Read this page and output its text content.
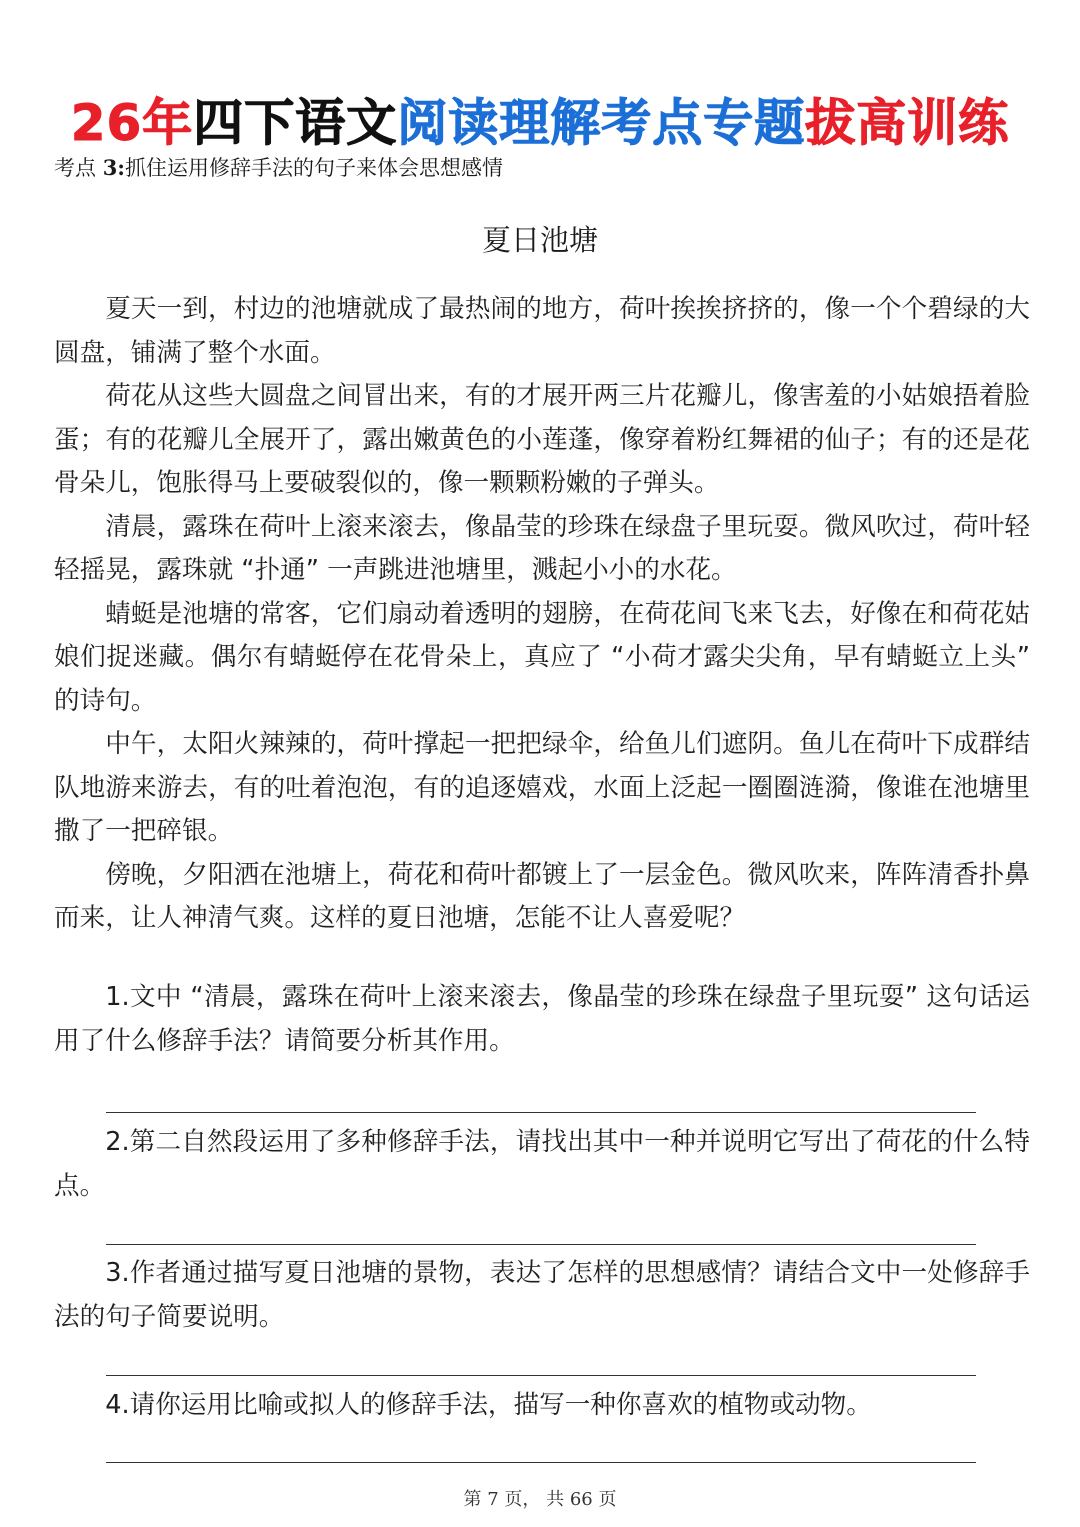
26年四下语文阅读理解考点专题拔高训练
考点 3:抓住运用修辞手法的句子来体会思想感情
夏日池塘

夏天一到，村边的池塘就成了最热闹的地方，荷叶挨挨挤挤的，像一个个碧绿的大圆盘，铺满了整个水面。

荷花从这些大圆盘之间冒出来，有的才展开两三片花瓣儿，像害羞的小姑娘捂着脸蛋；有的花瓣儿全展开了，露出嫩黄色的小莲蓬，像穿着粉红舞裙的仙子；有的还是花骨朵儿，饱胀得马上要破裂似的，像一颗颗粉嫩的子弹头。

清晨，露珠在荷叶上滚来滚去，像晶莹的珍珠在绿盘子里玩耍。微风吹过，荷叶轻轻摇晃，露珠就 “扑通” 一声跳进池塘里，溅起小小的水花。

蜻蜓是池塘的常客，它们扇动着透明的翅膀，在荷花间飞来飞去，好像在和荷花姑娘们捉迷藏。偶尔有蜻蜓停在花骨朵上，真应了 “小荷才露尖尖角，早有蜻蜓立上头” 的诗句。

中午，太阳火辣辣的，荷叶撑起一把把绿伞，给鱼儿们遮阴。鱼儿在荷叶下成群结队地游来游去，有的吐着泡泡，有的追逐嬉戏，水面上泛起一圈圈涟漪，像谁在池塘里撒了一把碎银。

傍晚，夕阳洒在池塘上，荷花和荷叶都镀上了一层金色。微风吹来，阵阵清香扑鼻而来，让人神清气爽。这样的夏日池塘，怎能不让人喜爱呢？

1.文中 “清晨，露珠在荷叶上滚来滚去，像晶莹的珍珠在绿盘子里玩耍” 这句话运用了什么修辞手法？请简要分析其作用。

2.第二自然段运用了多种修辞手法，请找出其中一种并说明它写出了荷花的什么特点。

3.作者通过描写夏日池塘的景物，表达了怎样的思想感情？请结合文中一处修辞手法的句子简要说明。

4.请你运用比喻或拟人的修辞手法，描写一种你喜欢的植物或动物。

第 7 页， 共 66 页
